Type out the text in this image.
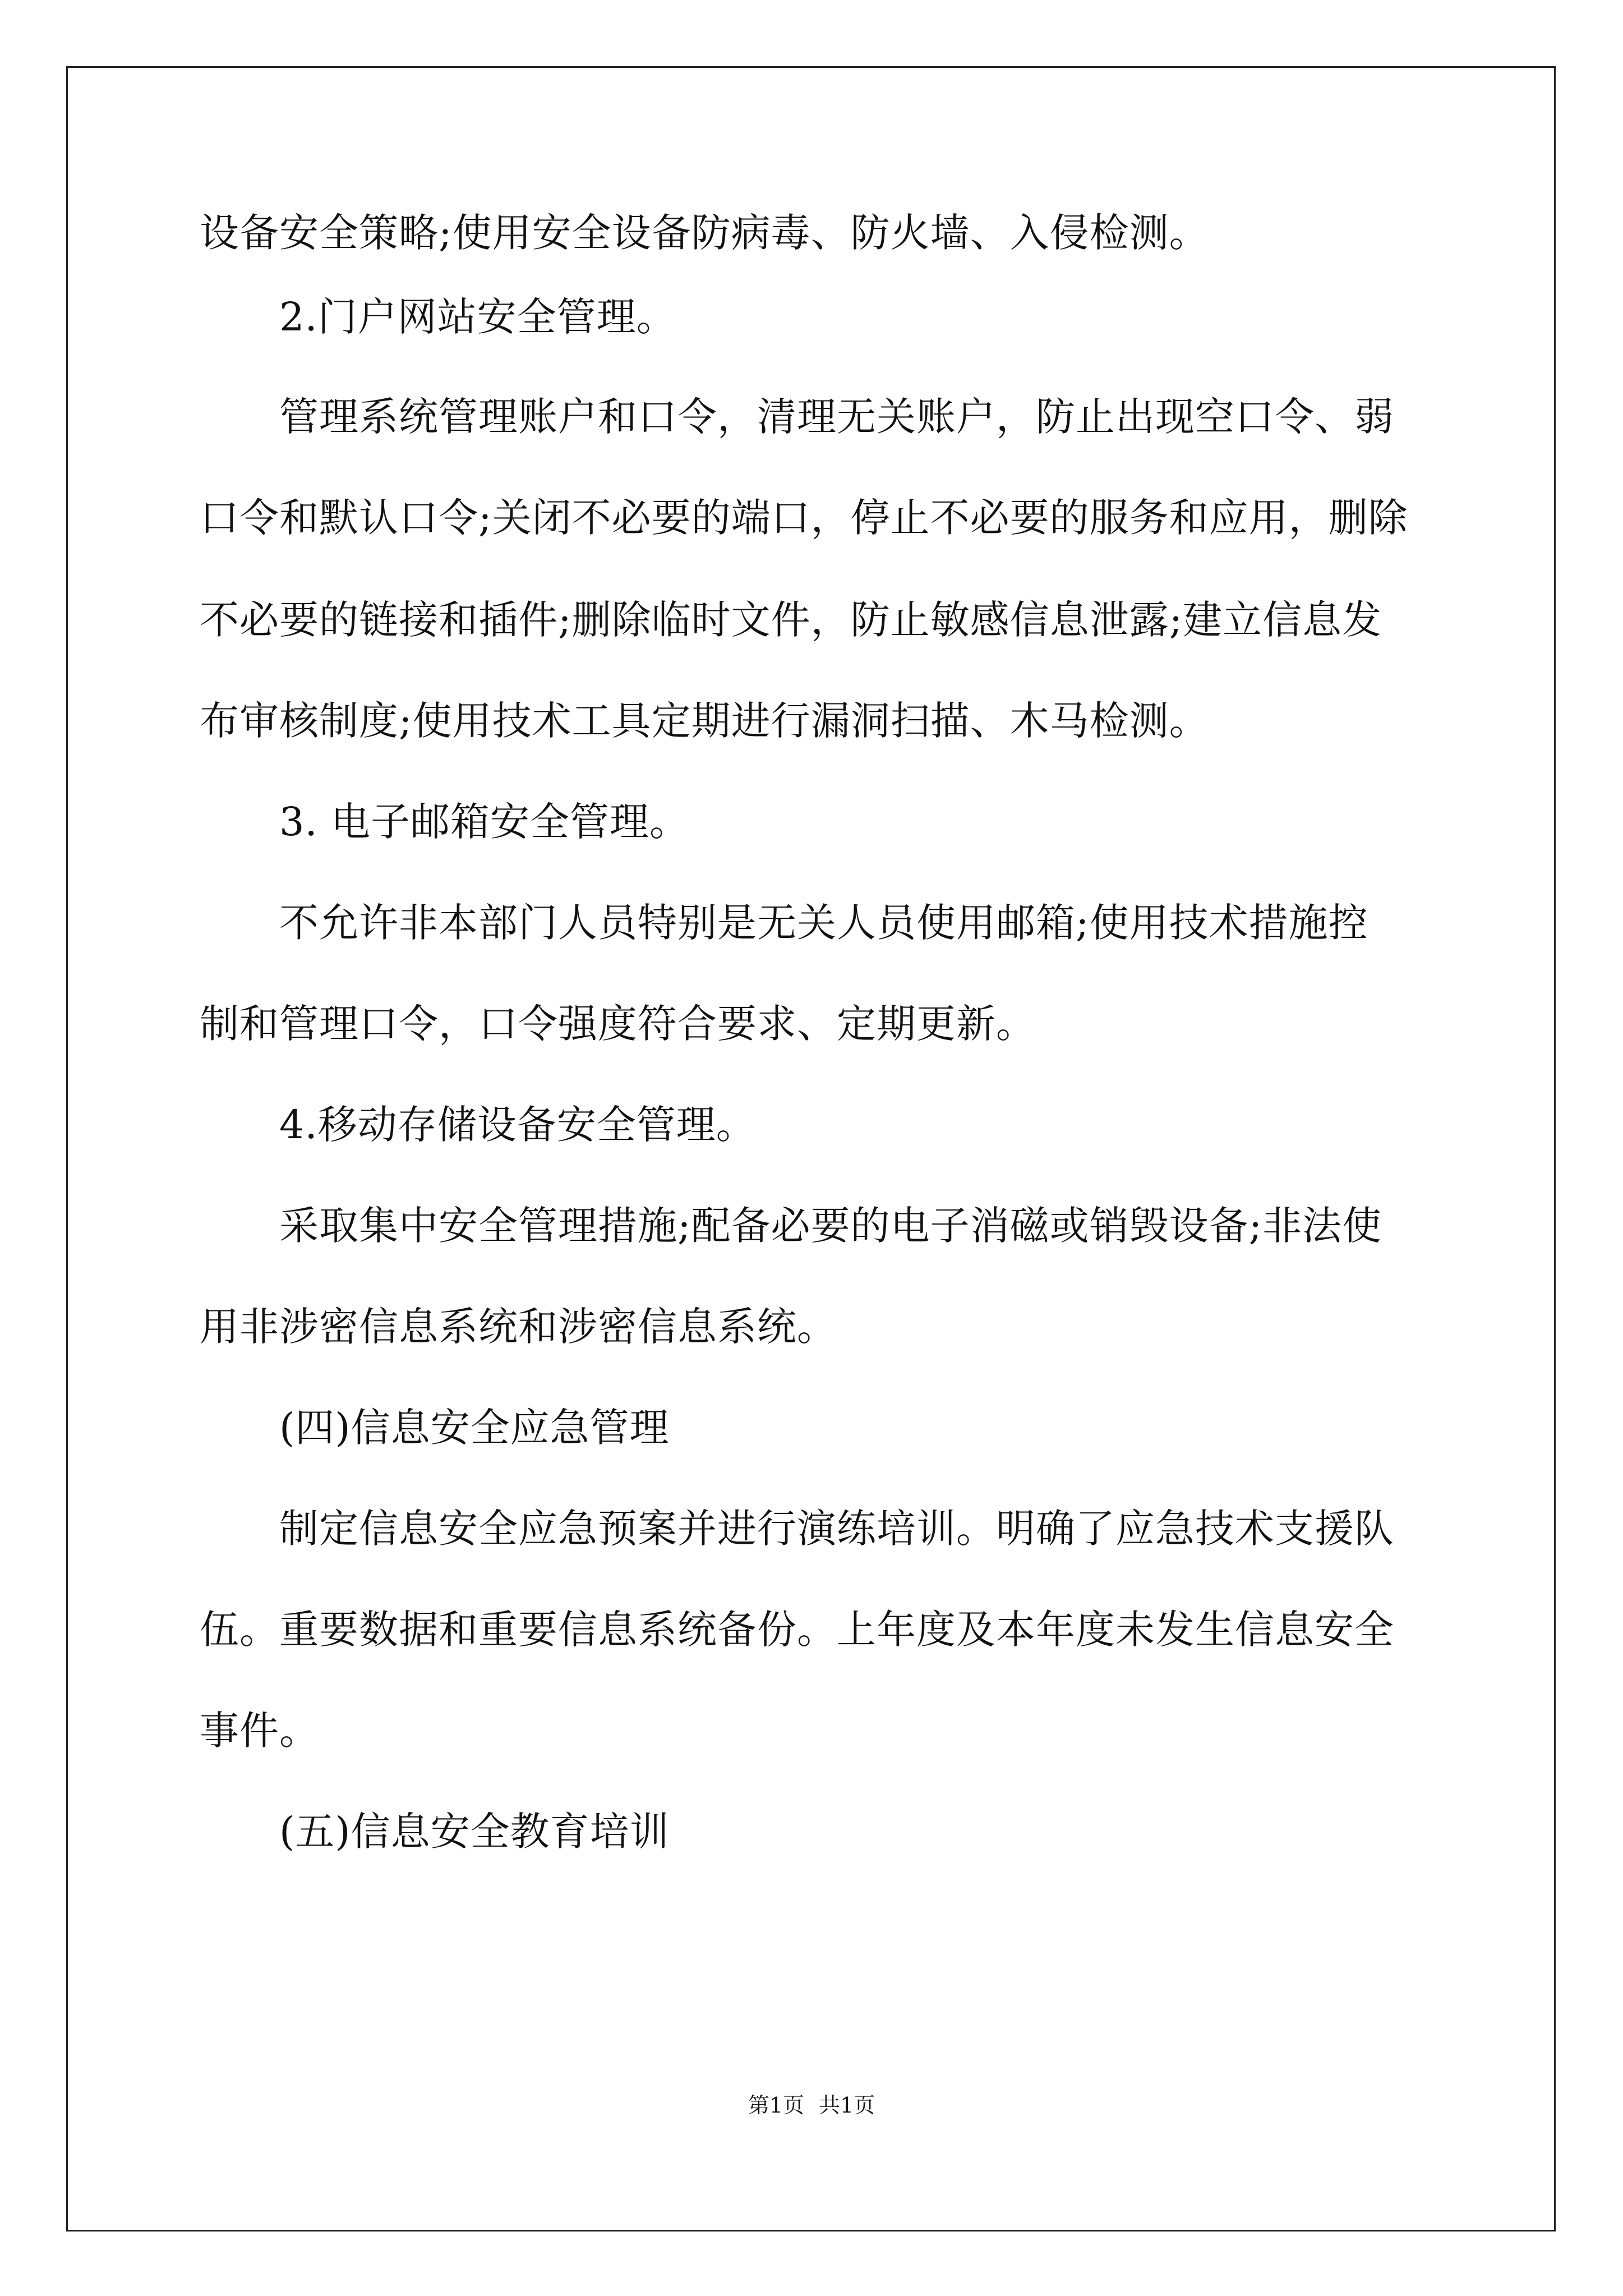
设备安全策略;使用安全设备防病毒、防火墙、入侵检测。
2.门户网站安全管理。
管理系统管理账户和口令，清理无关账户，防止出现空口令、弱
口令和默认口令;关闭不必要的端口，停止不必要的服务和应用，删除
不必要的链接和插件;删除临时文件，防止敏感信息泄露;建立信息发
布审核制度;使用技术工具定期进行漏洞扫描、木马检测。
3. 电子邮箱安全管理。
不允许非本部门人员特别是无关人员使用邮箱;使用技术措施控
制和管理口令，口令强度符合要求、定期更新。
4.移动存储设备安全管理。
采取集中安全管理措施;配备必要的电子消磁或销毁设备;非法使
用非涉密信息系统和涉密信息系统。
(四)信息安全应急管理
制定信息安全应急预案并进行演练培训。明确了应急技术支援队
伍。重要数据和重要信息系统备份。上年度及本年度未发生信息安全
事件。
(五)信息安全教育培训
第1页 共1页
